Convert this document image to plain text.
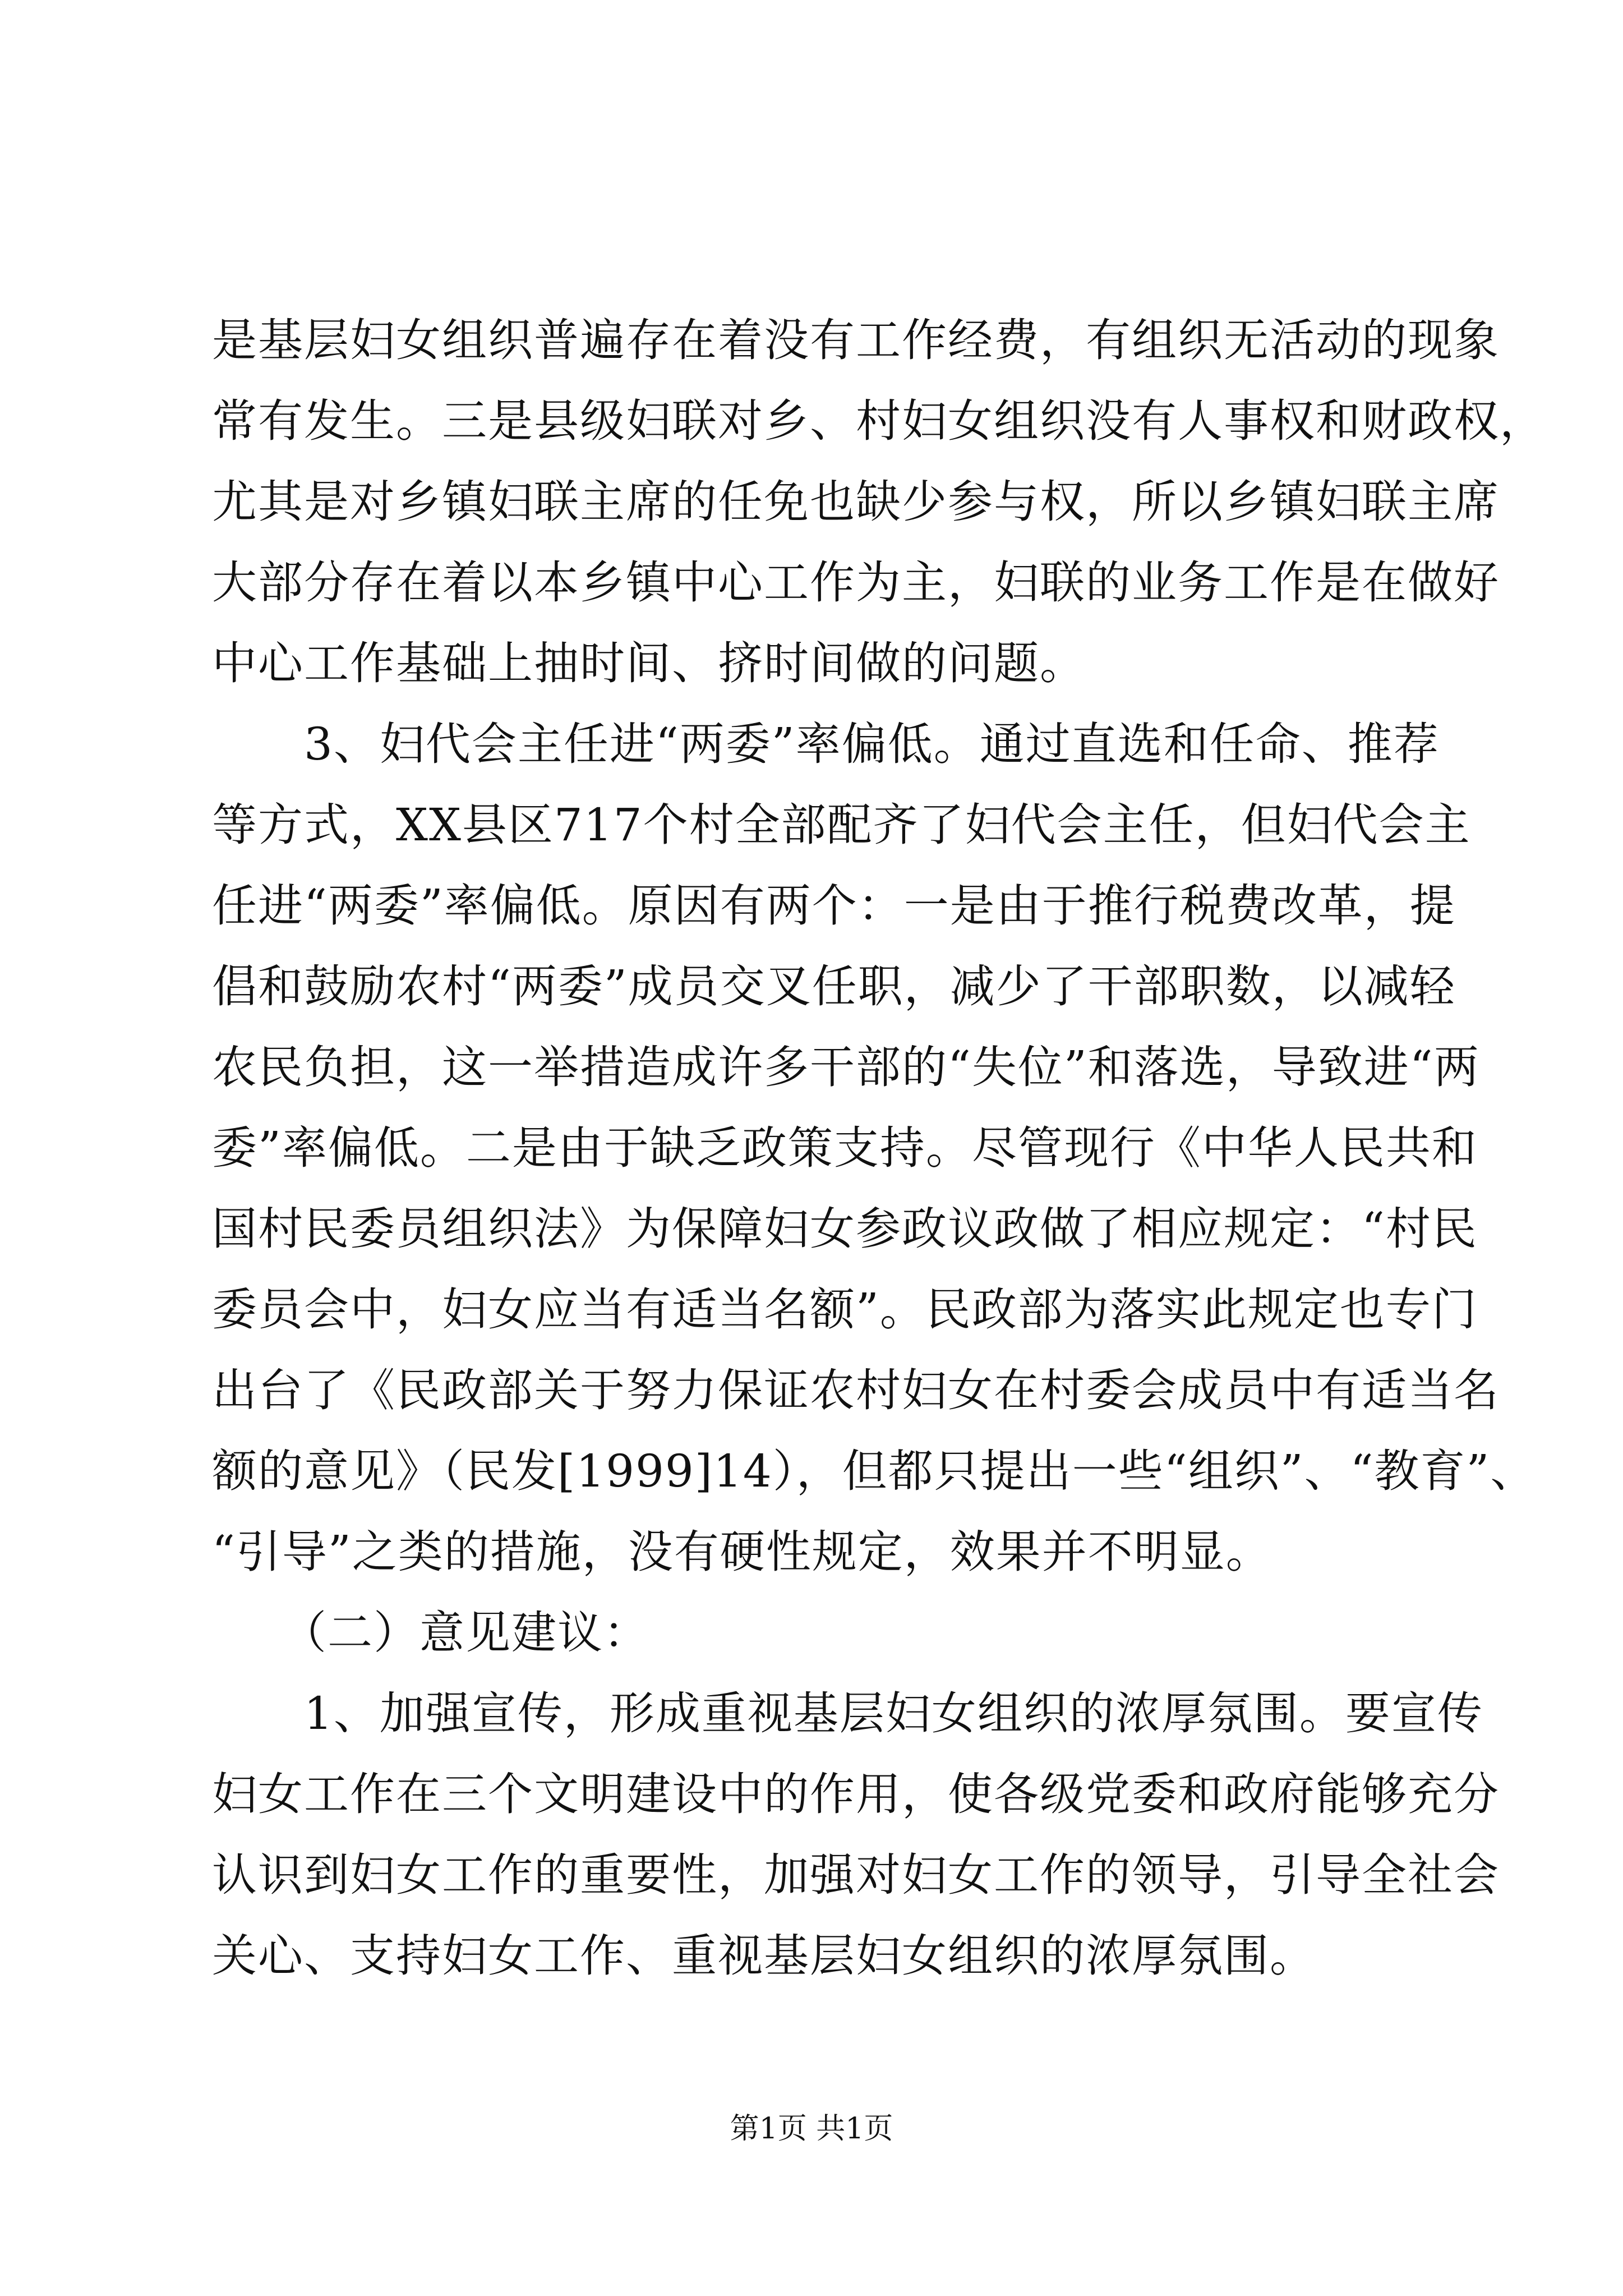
是基层妇女组织普遍存在着没有工作经费，有组织无活动的现象
常有发生。三是县级妇联对乡、村妇女组织没有人事权和财政权，
尤其是对乡镇妇联主席的任免也缺少参与权，所以乡镇妇联主席
大部分存在着以本乡镇中心工作为主，妇联的业务工作是在做好
中心工作基础上抽时间、挤时间做的问题。
　　3、妇代会主任进“两委”率偏低。通过直选和任命、推荐
等方式，XX县区717个村全部配齐了妇代会主任，但妇代会主
任进“两委”率偏低。原因有两个：一是由于推行税费改革，提
倡和鼓励农村“两委”成员交叉任职，减少了干部职数，以减轻
农民负担，这一举措造成许多干部的“失位”和落选，导致进“两
委”率偏低。二是由于缺乏政策支持。尽管现行《中华人民共和
国村民委员组织法》为保障妇女参政议政做了相应规定：“村民
委员会中，妇女应当有适当名额”。民政部为落实此规定也专门
出台了《民政部关于努力保证农村妇女在村委会成员中有适当名
额的意见》（民发[1999]14），但都只提出一些“组织”、“教育”、
“引导”之类的措施，没有硬性规定，效果并不明显。
　　（二）意见建议：
　　1、加强宣传，形成重视基层妇女组织的浓厚氛围。要宣传
妇女工作在三个文明建设中的作用，使各级党委和政府能够充分
认识到妇女工作的重要性，加强对妇女工作的领导，引导全社会
关心、支持妇女工作、重视基层妇女组织的浓厚氛围。
第1页 共1页
